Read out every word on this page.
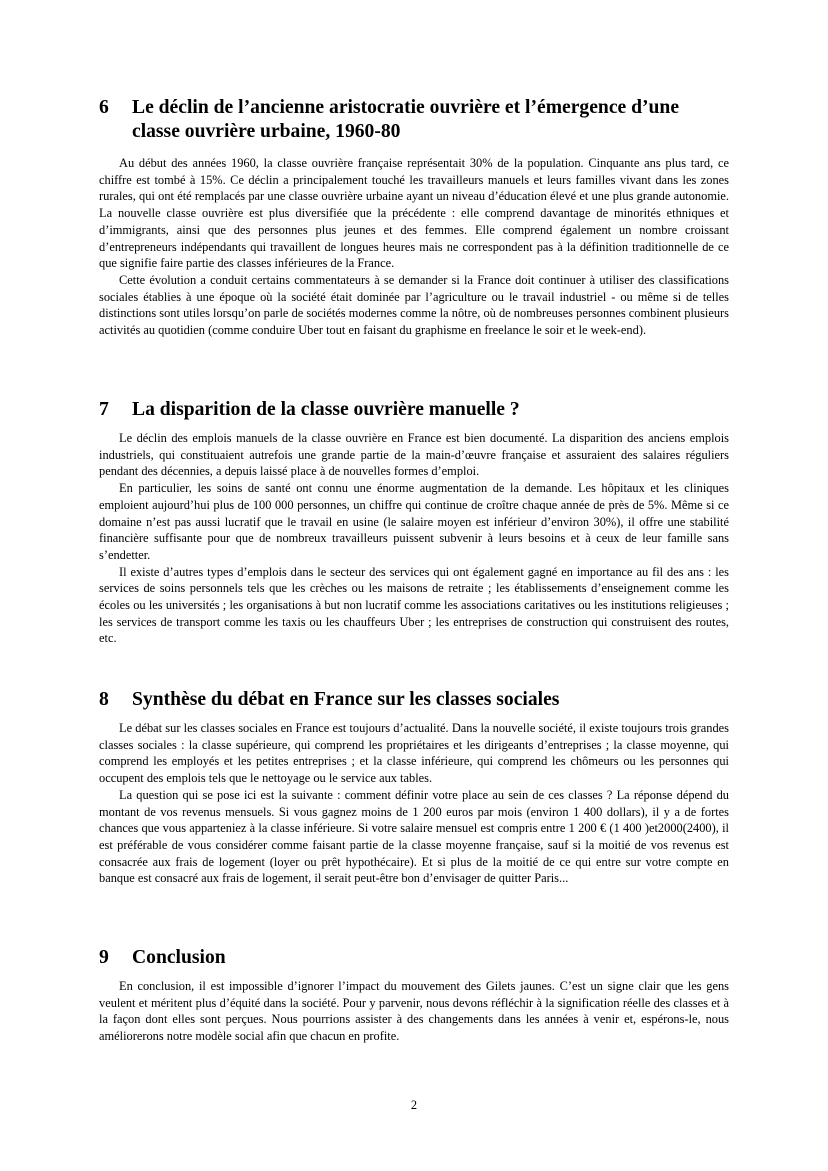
6	Le déclin de l’ancienne aristocratie ouvrière et l’émergence d’une classe ouvrière urbaine, 1960-80

Au début des années 1960, la classe ouvrière française représentait 30% de la population. Cinquante ans plus tard, ce chiffre est tombé à 15%. Ce déclin a principalement touché les travailleurs manuels et leurs familles vivant dans les zones rurales, qui ont été remplacés par une classe ouvrière urbaine ayant un niveau d’éducation élevé et une plus grande autonomie. La nouvelle classe ouvrière est plus diversifiée que la précédente : elle comprend davantage de minorités ethniques et d’immigrants, ainsi que des personnes plus jeunes et des femmes. Elle comprend également un nombre croissant d’entrepreneurs indépendants qui travaillent de longues heures mais ne correspondent pas à la définition traditionnelle de ce que signifie faire partie des classes inférieures de la France.

Cette évolution a conduit certains commentateurs à se demander si la France doit continuer à utiliser des classifications sociales établies à une époque où la société était dominée par l’agriculture ou le travail industriel - ou même si de telles distinctions sont utiles lorsqu’on parle de sociétés modernes comme la nôtre, où de nombreuses personnes combinent plusieurs activités au quotidien (comme conduire Uber tout en faisant du graphisme en freelance le soir et le week-end).

7	La disparition de la classe ouvrière manuelle ?

Le déclin des emplois manuels de la classe ouvrière en France est bien documenté. La disparition des anciens emplois industriels, qui constituaient autrefois une grande partie de la main-d’œuvre française et assuraient des salaires réguliers pendant des décennies, a depuis laissé place à de nouvelles formes d’emploi.

En particulier, les soins de santé ont connu une énorme augmentation de la demande. Les hôpitaux et les cliniques emploient aujourd’hui plus de 100 000 personnes, un chiffre qui continue de croître chaque année de près de 5%. Même si ce domaine n’est pas aussi lucratif que le travail en usine (le salaire moyen est inférieur d’environ 30%), il offre une stabilité financière suffisante pour que de nombreux travailleurs puissent subvenir à leurs besoins et à ceux de leur famille sans s’endetter.

Il existe d’autres types d’emplois dans le secteur des services qui ont également gagné en importance au fil des ans : les services de soins personnels tels que les crèches ou les maisons de retraite ; les établissements d’enseignement comme les écoles ou les universités ; les organisations à but non lucratif comme les associations caritatives ou les institutions religieuses ; les services de transport comme les taxis ou les chauffeurs Uber ; les entreprises de construction qui construisent des routes, etc.

8	Synthèse du débat en France sur les classes sociales

Le débat sur les classes sociales en France est toujours d’actualité. Dans la nouvelle société, il existe toujours trois grandes classes sociales : la classe supérieure, qui comprend les propriétaires et les dirigeants d’entreprises ; la classe moyenne, qui comprend les employés et les petites entreprises ; et la classe inférieure, qui comprend les chômeurs ou les personnes qui occupent des emplois tels que le nettoyage ou le service aux tables.

La question qui se pose ici est la suivante : comment définir votre place au sein de ces classes ? La réponse dépend du montant de vos revenus mensuels. Si vous gagnez moins de 1 200 euros par mois (environ 1 400 dollars), il y a de fortes chances que vous apparteniez à la classe inférieure. Si votre salaire mensuel est compris entre 1 200 € (1 400 )et2000(2400), il est préférable de vous considérer comme faisant partie de la classe moyenne française, sauf si la moitié de vos revenus est consacrée aux frais de logement (loyer ou prêt hypothécaire). Et si plus de la moitié de ce qui entre sur votre compte en banque est consacré aux frais de logement, il serait peut-être bon d’envisager de quitter Paris...

9	Conclusion

En conclusion, il est impossible d’ignorer l’impact du mouvement des Gilets jaunes. C’est un signe clair que les gens veulent et méritent plus d’équité dans la société. Pour y parvenir, nous devons réfléchir à la signification réelle des classes et à la façon dont elles sont perçues. Nous pourrions assister à des changements dans les années à venir et, espérons-le, nous améliorerons notre modèle social afin que chacun en profite.

2
